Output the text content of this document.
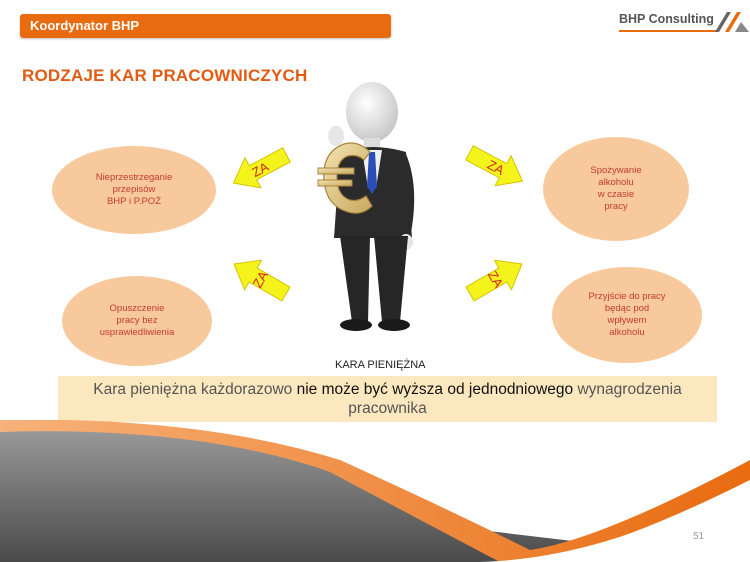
Koordynator BHP	BHP Consulting
RODZAJE KAR PRACOWNICZYCH
Nieprzestrzeganie
przepisów
BHP i P.POŻ
Spożywanie
alkoholu
w czasie
pracy
Opuszczenie
pracy bez
usprawiedliwienia
Przyjście do pracy
będąc pod
wpływem
alkoholu
ZA	ZA
ZA	ZA
KARA PIENIĘŻNA
Kara pieniężna każdorazowo nie może być wyższa od jednodniowego wynagrodzenia pracownika
51
